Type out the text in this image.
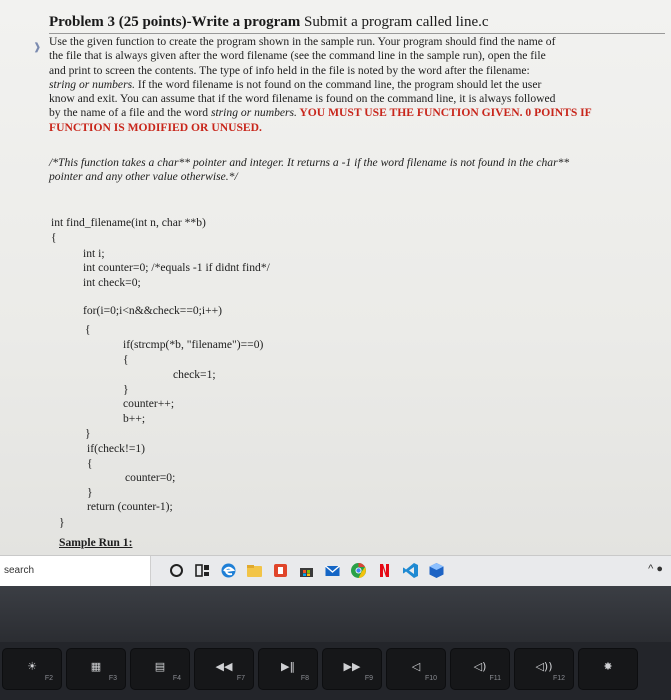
❱
Problem 3 (25 points)-Write a program Submit a program called line.c
Use the given function to create the program shown in the sample run. Your program should find the name of
the file that is always given after the word filename (see the command line in the sample run), open the file
and print to screen the contents. The type of info held in the file is noted by the word after the filename:
string or numbers. If the word filename is not found on the command line, the program should let the user
know and exit. You can assume that if the word filename is found on the command line, it is always followed
by the name of a file and the word string or numbers. YOU MUST USE THE FUNCTION GIVEN. 0 POINTS IF
FUNCTION IS MODIFIED OR UNUSED.
/*This function takes a char** pointer and integer. It returns a -1 if the word filename is not found in the char**
pointer and any other value otherwise.*/
int find_filename(int n, char **b)
{
int i;
int counter=0; /*equals -1 if didnt find*/
int check=0;
for(i=0;i<n&&check==0;i++)
{
if(strcmp(*b, "filename")==0)
{
check=1;
}
counter++;
b++;
}
if(check!=1)
{
counter=0;
}
return (counter-1);
}
Sample Run 1:
search	^ ●
☀
F2
▦
F3
▤
F4
◀◀
F7
▶‖
F8
▶▶
F9
◁
F10
◁)
F11
◁))
F12
✸
